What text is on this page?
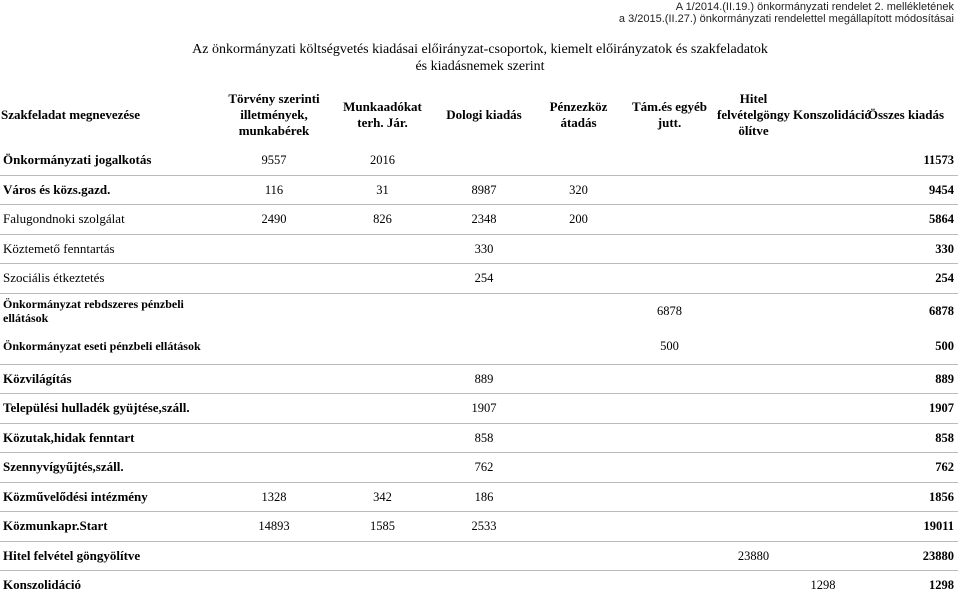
A 1/2014.(II.19.) önkormányzati rendelet 2. mellékletének
a 3/2015.(II.27.) önkormányzati rendelettel megállapított módosításai
Az önkormányzati költségvetés kiadásai előirányzat-csoportok, kiemelt előirányzatok és szakfeladatok
és kiadásnemek szerint
Szakfeladat megnevezése	Törvény szerinti illetmények, munkabérek	Munkaadókat terh. Jár.	Dologi kiadás	Pénzezköz átadás	Tám.és egyéb jutt.	Hitel felvételgöngy ölítve	Konszolidáció	Összes kiadás
Önkormányzati jogalkotás	9557	2016						11573
Város és közs.gazd.	116	31	8987	320				9454
Falugondnoki szolgálat	2490	826	2348	200				5864
Köztemető fenntartás			330					330
Szociális étkeztetés			254					254
Önkormányzat rebdszeres pénzbeli ellátások					6878			6878
Önkormányzat eseti pénzbeli ellátások					500			500
Közvilágítás			889					889
Települési hulladék gyüjtése,száll.			1907					1907
Közutak,hidak fenntart			858					858
Szennyvígyűjtés,száll.			762					762
Közművelődési intézmény	1328	342	186					1856
Közmunkapr.Start	14893	1585	2533					19011
Hitel felvétel göngyölítve						23880		23880
Konszolidáció							1298	1298
